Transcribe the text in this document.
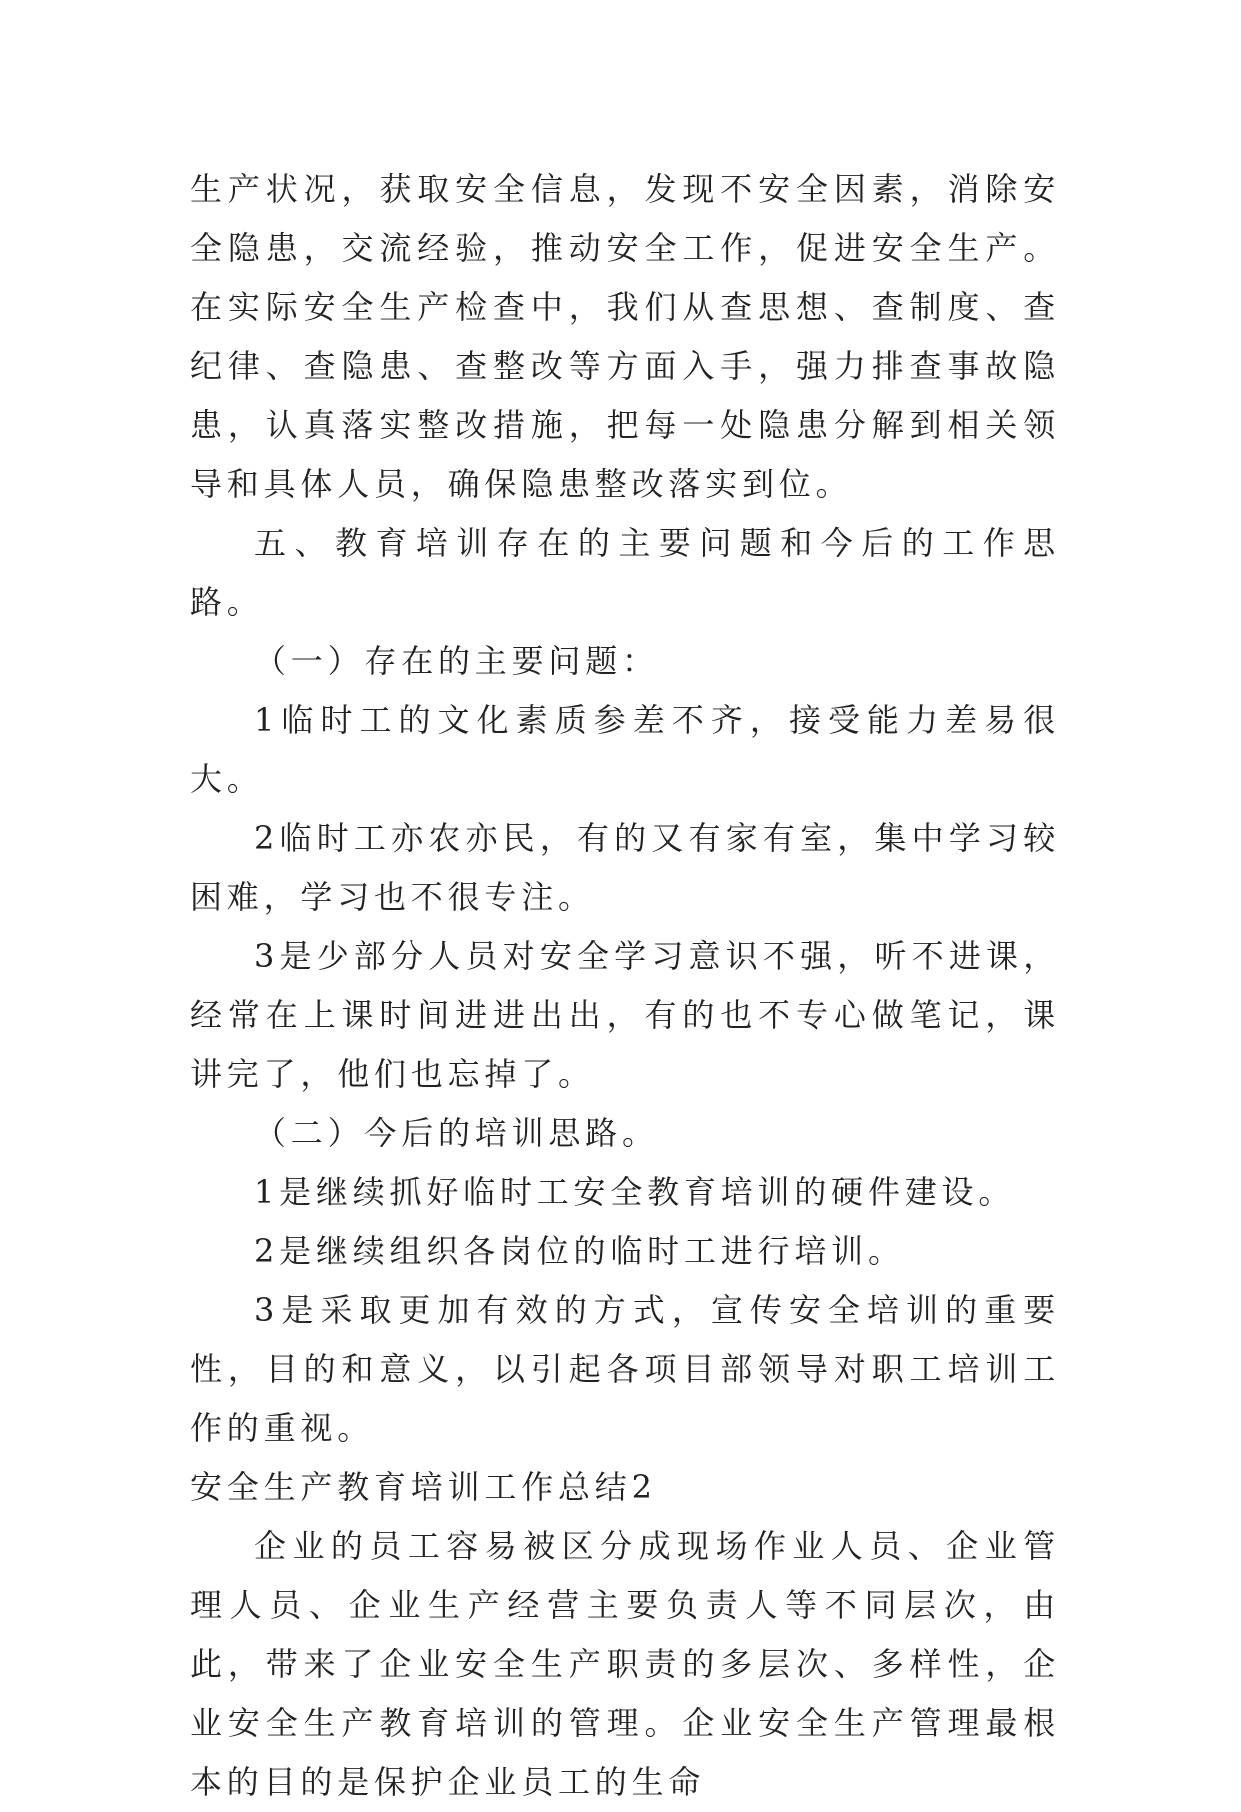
生产状况，获取安全信息，发现不安全因素，消除安全隐患，交流经验，推动安全工作，促进安全生产。在实际安全生产检查中，我们从查思想、查制度、查纪律、查隐患、查整改等方面入手，强力排查事故隐患，认真落实整改措施，把每一处隐患分解到相关领导和具体人员，确保隐患整改落实到位。

五、教育培训存在的主要问题和今后的工作思路。

（一）存在的主要问题：

1临时工的文化素质参差不齐，接受能力差易很大。

2临时工亦农亦民，有的又有家有室，集中学习较困难，学习也不很专注。

3是少部分人员对安全学习意识不强，听不进课，经常在上课时间进进出出，有的也不专心做笔记，课讲完了，他们也忘掉了。

（二）今后的培训思路。

1是继续抓好临时工安全教育培训的硬件建设。

2是继续组织各岗位的临时工进行培训。

3是采取更加有效的方式，宣传安全培训的重要性，目的和意义，以引起各项目部领导对职工培训工作的重视。

安全生产教育培训工作总结2

企业的员工容易被区分成现场作业人员、企业管理人员、企业生产经营主要负责人等不同层次，由此，带来了企业安全生产职责的多层次、多样性，企业安全生产教育培训的管理。企业安全生产管理最根本的目的是保护企业员工的生命
